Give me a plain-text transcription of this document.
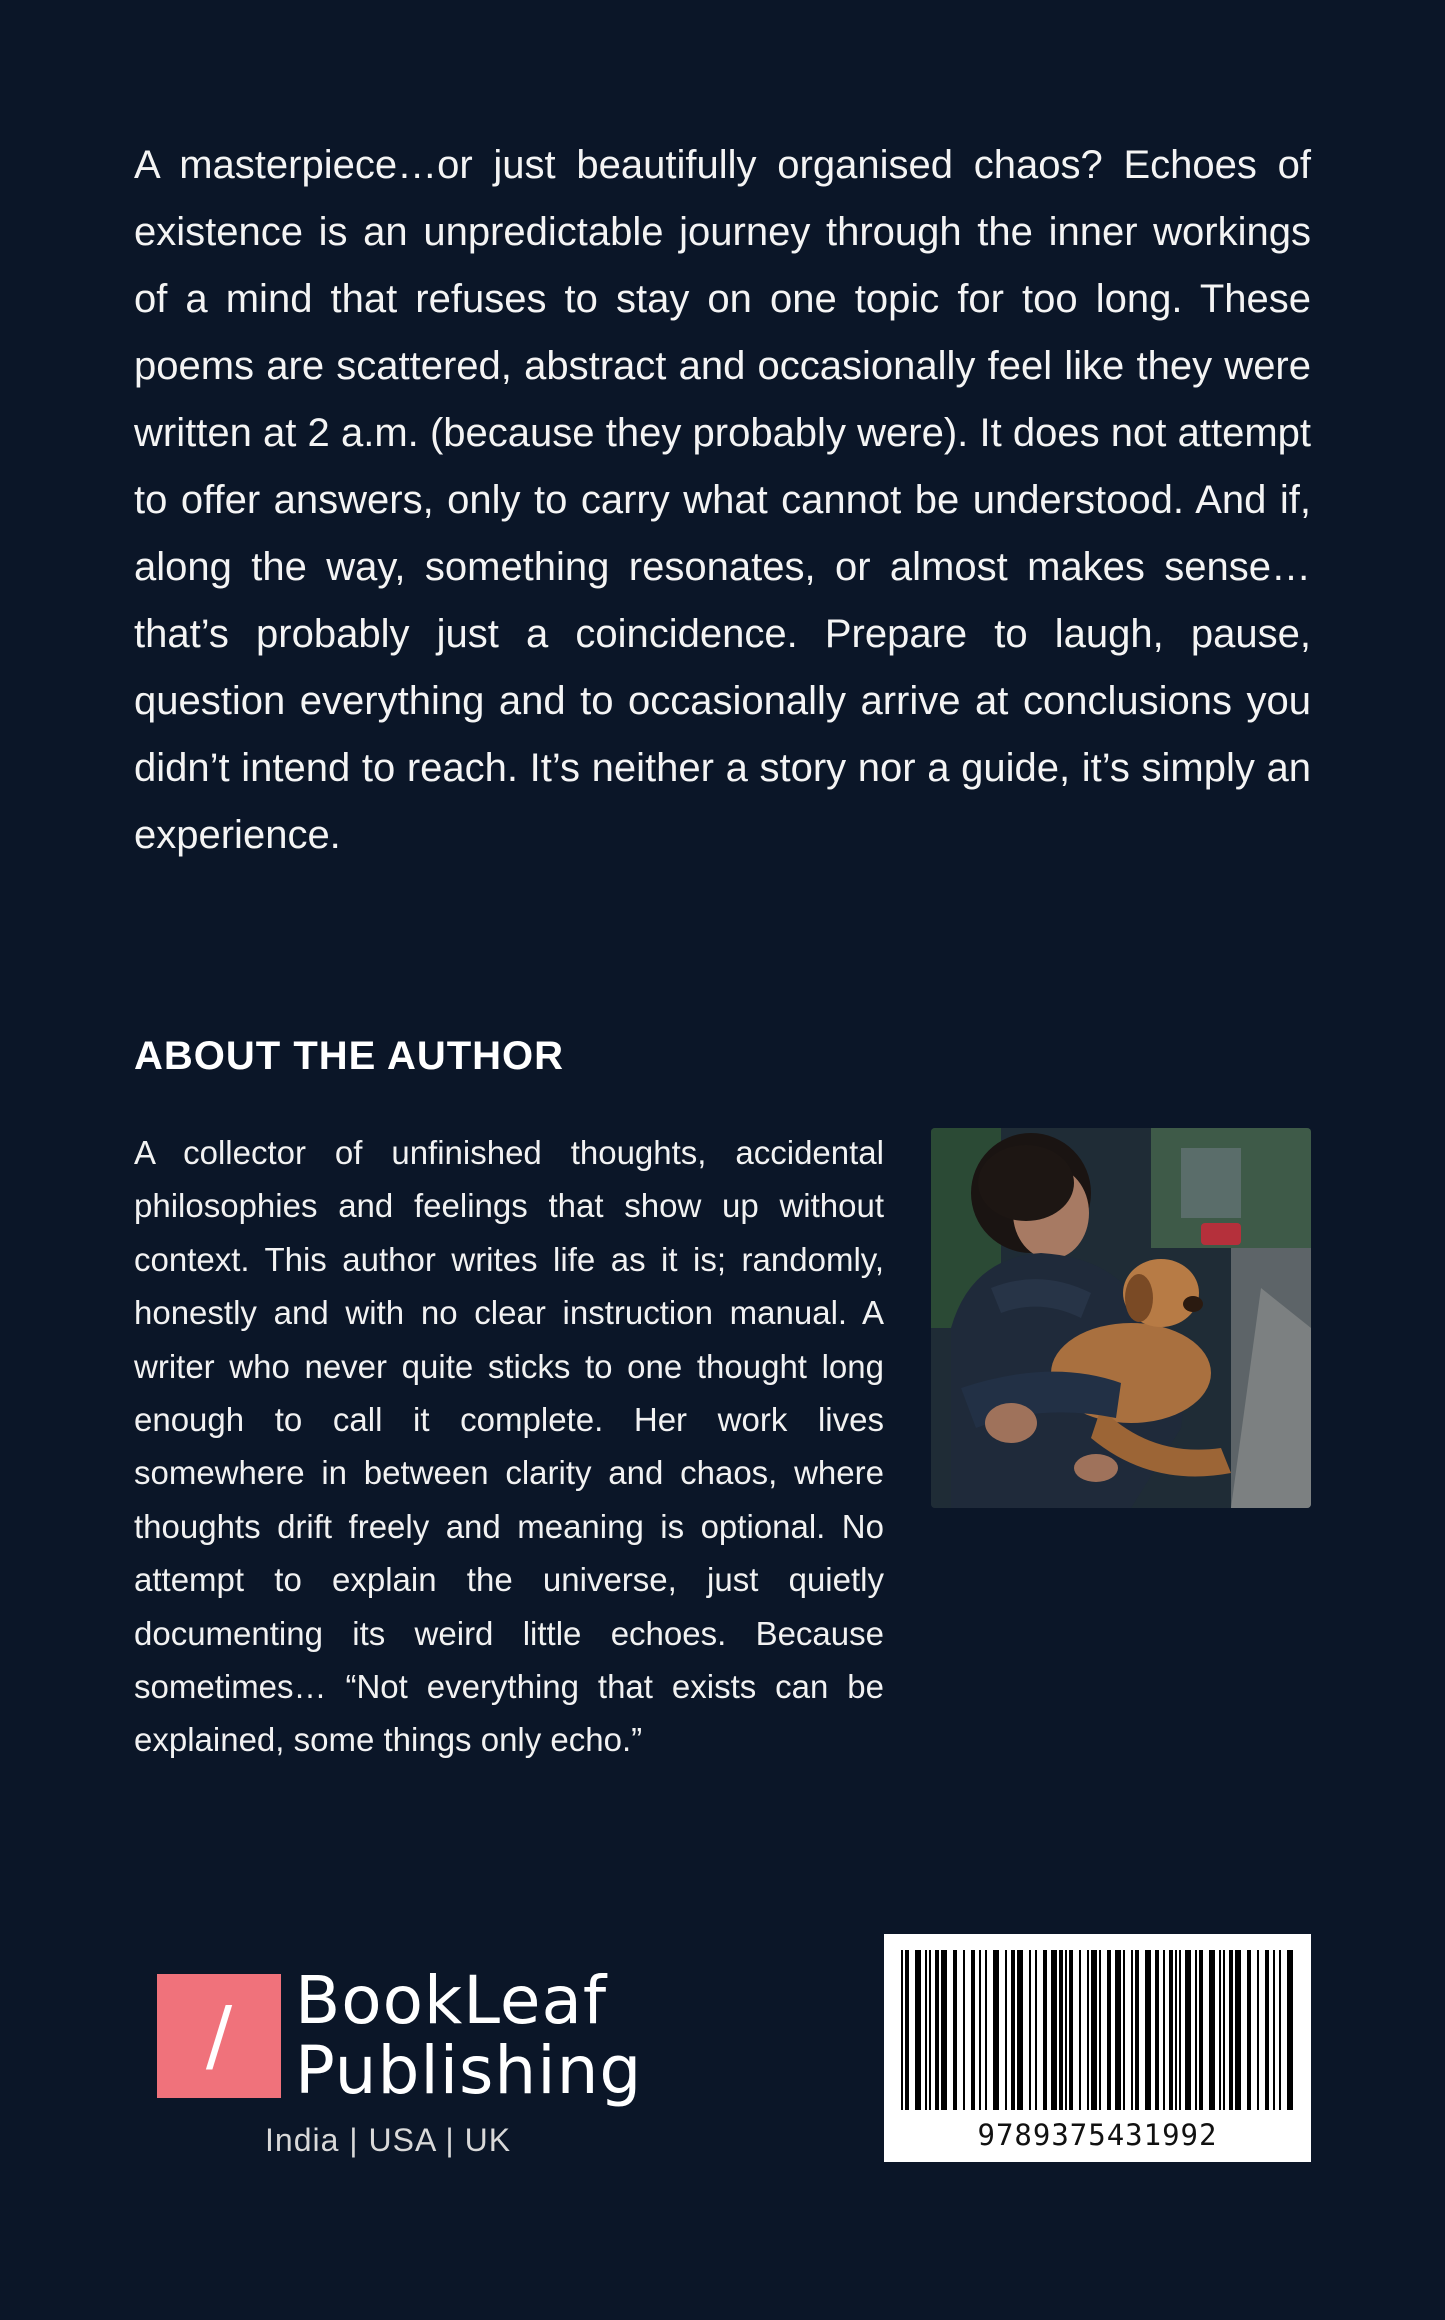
A masterpiece…or just beautifully organised chaos? Echoes of existence is an unpredictable journey through the inner workings of a mind that refuses to stay on one topic for too long. These poems are scattered, abstract and occasionally feel like they were written at 2 a.m. (because they probably were). It does not attempt to offer answers, only to carry what cannot be understood. And if, along the way, something resonates, or almost makes sense…that’s probably just a coincidence. Prepare to laugh, pause, question everything and to occasionally arrive at conclusions you didn’t intend to reach. It’s neither a story nor a guide, it’s simply an experience.

ABOUT THE AUTHOR

A collector of unfinished thoughts, accidental philosophies and feelings that show up without context. This author writes life as it is; randomly, honestly and with no clear instruction manual. A writer who never quite sticks to one thought long enough to call it complete. Her work lives somewhere in between clarity and chaos, where thoughts drift freely and meaning is optional. No attempt to explain the universe, just quietly documenting its weird little echoes. Because sometimes… “Not everything that exists can be explained, some things only echo.”

/ BookLeaf
Publishing
India | USA | UK	9789375431992
